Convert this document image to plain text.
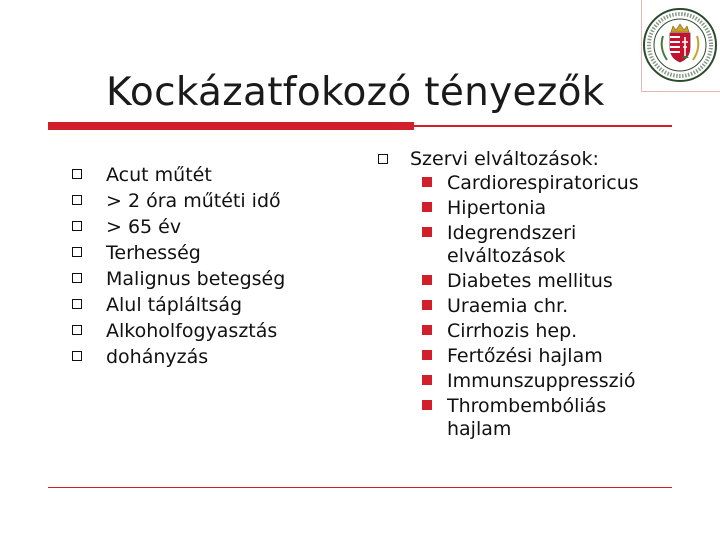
Kockázatfokozó tényezők
Acut műtét
> 2 óra műtéti idő
> 65 év
Terhesség
Malignus betegség
Alul tápláltság
Alkoholfogyasztás
dohányzás
Szervi elváltozások:
Cardiorespiratoricus
Hipertonia
Idegrendszeri elváltozások
Diabetes mellitus
Uraemia chr.
Cirrhozis hep.
Fertőzési hajlam
Immunszuppresszió
Thrombembóliás hajlam
